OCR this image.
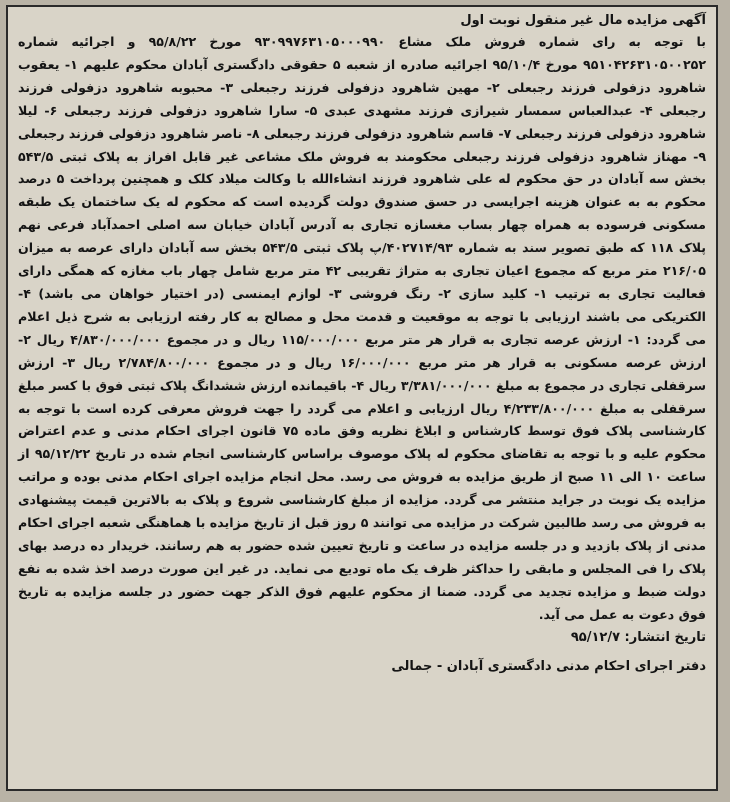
آگهی مزایده مال غیر منقول نوبت اول

با توجه به رای شماره فروش ملک مشاع ۹۳۰۹۹۷۶۳۱۰۵۰۰۰۹۹۰ مورخ ۹۵/۸/۲۲ و اجرائیه شماره ۹۵۱۰۴۲۶۳۱۰۵۰۰۲۵۲ مورخ ۹۵/۱۰/۴ اجرائیه صادره از شعبه ۵ حقوقی دادگستری آبادان محکوم علیهم ۱- یعقوب شاهرود دزفولی فرزند رجبعلی ۲- مهین شاهرود دزفولی فرزند رجبعلی ۳- محبوبه شاهرود دزفولی فرزند رجبعلی ۴- عبدالعباس سمسار شیرازی فرزند مشهدی عبدی ۵- سارا شاهرود دزفولی فرزند رجبعلی ۶- لیلا شاهرود دزفولی فرزند رجبعلی ۷- قاسم شاهرود دزفولی فرزند رجبعلی ۸- ناصر شاهرود دزفولی فرزند رجبعلی ۹- مهناز شاهرود دزفولی فرزند رجبعلی محکومند به فروش ملک مشاعی غیر قابل افراز به پلاک ثبتی ۵۴۳/۵ بخش سه آبادان در حق محکوم له علی شاهرود فرزند انشاءالله با وکالت میلاد کلک و همچنین پرداخت ۵ درصد محکوم به به عنوان هزینه اجرایسی در حسق صندوق دولت گردیده است که محکوم له یک ساختمان یک طبقه مسکونی فرسوده به همراه چهار بساب مغسازه تجاری به آدرس آبادان خیابان سه اصلی احمدآباد فرعی نهم پلاک ۱۱۸ که طبق تصویر سند به شماره ۴۰۲۷۱۴/۹۳/پ پلاک ثبتی ۵۴۳/۵ بخش سه آبادان دارای عرصه به میزان ۲۱۶/۰۵ متر مربع که مجموع اعیان تجاری به متراژ تقریبی ۴۲ متر مربع شامل چهار باب مغازه که همگی دارای فعالیت تجاری به ترتیب ۱- کلید سازی ۲- رنگ فروشی ۳- لوازم ایمنسی (در اختیار خواهان می باشد) ۴- الکتریکی می باشند ارزیابی با توجه به موقعیت و قدمت محل و مصالح به کار رفته ارزیابی به شرح ذیل اعلام می گردد: ۱- ارزش عرصه تجاری به قرار هر متر مربع ۱۱۵/۰۰۰/۰۰۰ ریال و در مجموع ۴/۸۳۰/۰۰۰/۰۰۰ ریال ۲- ارزش عرصه مسکونی به قرار هر متر مربع ۱۶/۰۰۰/۰۰۰ ریال و در مجموع ۲/۷۸۴/۸۰۰/۰۰۰ ریال ۳- ارزش سرقفلی تجاری در مجموع به مبلغ ۳/۳۸۱/۰۰۰/۰۰۰ ریال ۴- باقیمانده ارزش ششدانگ پلاک ثبتی فوق با کسر مبلغ سرقفلی به مبلغ ۴/۲۳۳/۸۰۰/۰۰۰ ریال ارزیابی و اعلام می گردد را جهت فروش معرفی کرده است با توجه به کارشناسی پلاک فوق توسط کارشناس و ابلاغ نظریه وفق ماده ۷۵ قانون اجرای احکام مدنی و عدم اعتراض محکوم علیه و با توجه به تقاضای محکوم له پلاک موصوف براساس کارشناسی انجام شده در تاریخ ۹۵/۱۲/۲۲ از ساعت ۱۰ الی ۱۱ صبح از طریق مزایده به فروش می رسد. محل انجام مزایده اجرای احکام مدنی بوده و مراتب مزایده یک نوبت در جراید منتشر می گردد. مزایده از مبلغ کارشناسی شروع و پلاک به بالاترین قیمت پیشنهادی به فروش می رسد طالبین شرکت در مزایده می توانند ۵ روز قبل از تاریخ مزایده با هماهنگی شعبه اجرای احکام مدنی از پلاک بازدید و در جلسه مزایده در ساعت و تاریخ تعیین شده حضور به هم رسانند. خریدار ده درصد بهای پلاک را فی المجلس و مابقی را حداکثر ظرف یک ماه تودیع می نماید. در غیر این صورت درصد اخذ شده به نفع دولت ضبط و مزایده تجدید می گردد. ضمنا از محکوم علیهم فوق الذکر جهت حضور در جلسه مزایده به تاریخ فوق دعوت به عمل می آید.

تاریخ انتشار: ۹۵/۱۲/۷

دفتر اجرای احکام مدنی دادگستری آبادان - جمالی
